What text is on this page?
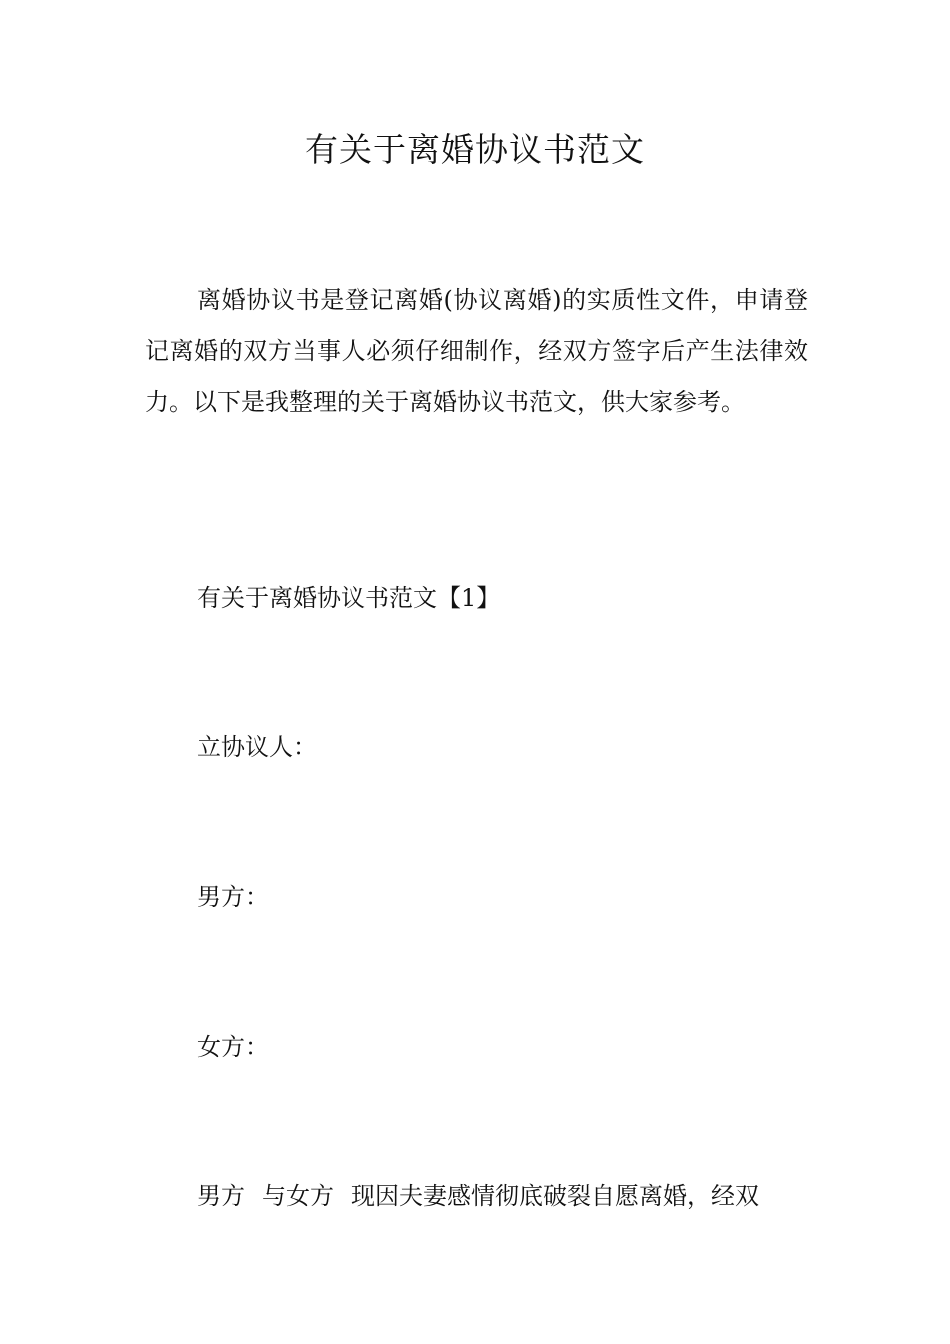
有关于离婚协议书范文

离婚协议书是登记离婚(协议离婚)的实质性文件，申请登记离婚的双方当事人必须仔细制作，经双方签字后产生法律效力。以下是我整理的关于离婚协议书范文，供大家参考。

有关于离婚协议书范文【1】

立协议人：

男方：

女方：

男方 与女方 现因夫妻感情彻底破裂自愿离婚，经双
